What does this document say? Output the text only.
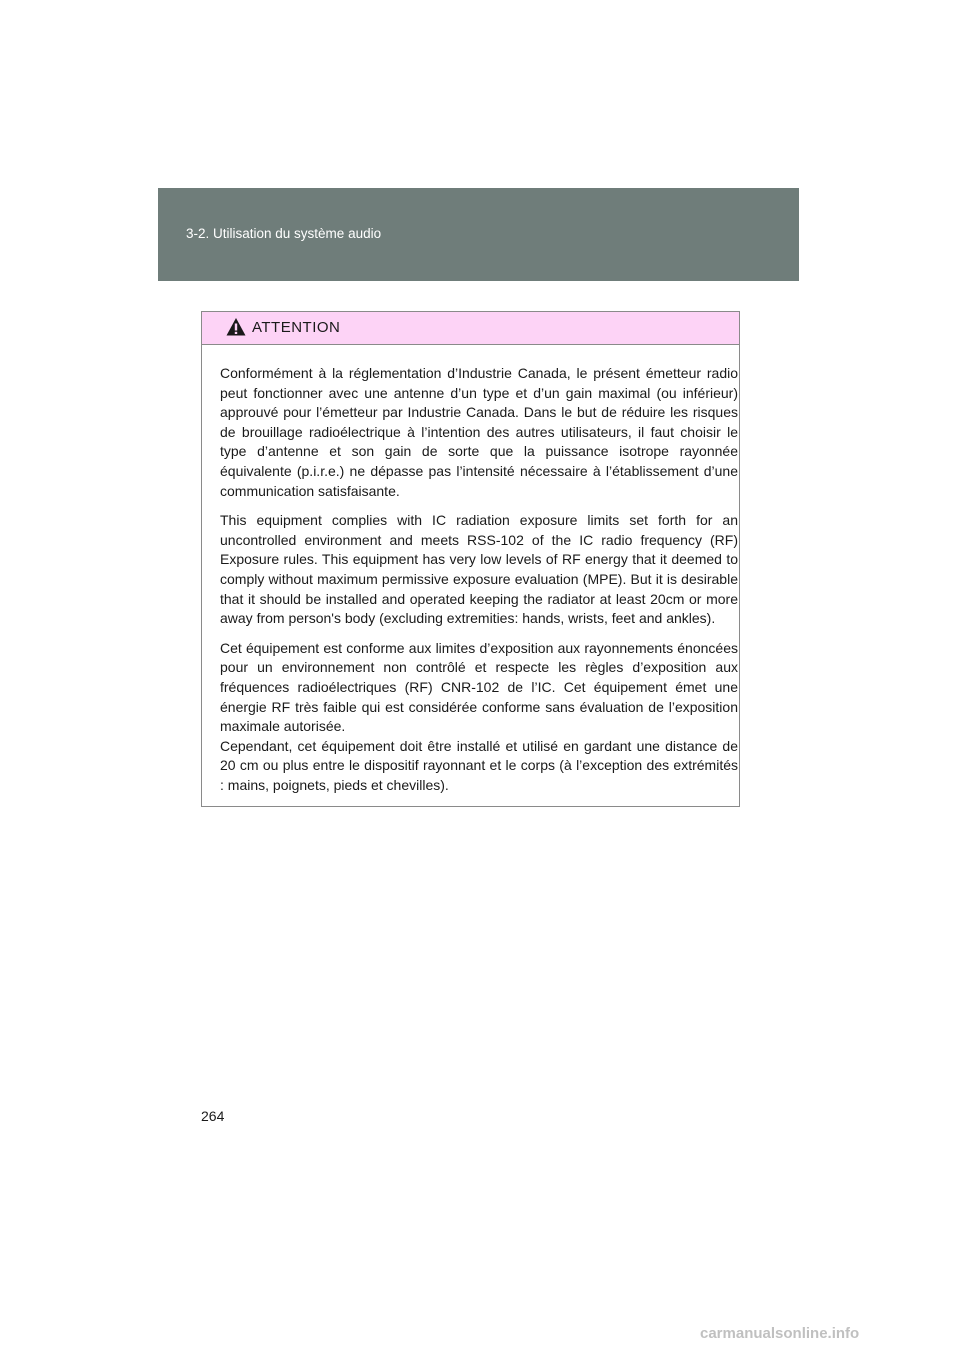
3-2. Utilisation du système audio
ATTENTION

Conformément à la réglementation d’Industrie Canada, le présent émetteur radio peut fonctionner avec une antenne d’un type et d’un gain maximal (ou inférieur) approuvé pour l’émetteur par Industrie Canada. Dans le but de réduire les risques de brouillage radioélectrique à l’intention des autres utilisateurs, il faut choisir le type d’antenne et son gain de sorte que la puissance isotrope rayonnée équivalente (p.i.r.e.) ne dépasse pas l’intensité nécessaire à l’établissement d’une communication satisfaisante.

This equipment complies with IC radiation exposure limits set forth for an uncontrolled environment and meets RSS-102 of the IC radio frequency (RF) Exposure rules. This equipment has very low levels of RF energy that it deemed to comply without maximum permissive exposure evaluation (MPE). But it is desirable that it should be installed and operated keeping the radiator at least 20cm or more away from person's body (excluding extremities: hands, wrists, feet and ankles).

Cet équipement est conforme aux limites d’exposition aux rayonnements énoncées pour un environnement non contrôlé et respecte les règles d’exposition aux fréquences radioélectriques (RF) CNR-102 de l’IC. Cet équipement émet une énergie RF très faible qui est considérée conforme sans évaluation de l’exposition maximale autorisée.

Cependant, cet équipement doit être installé et utilisé en gardant une distance de 20 cm ou plus entre le dispositif rayonnant et le corps (à l’exception des extrémités : mains, poignets, pieds et chevilles).

264
carmanualsonline.info
